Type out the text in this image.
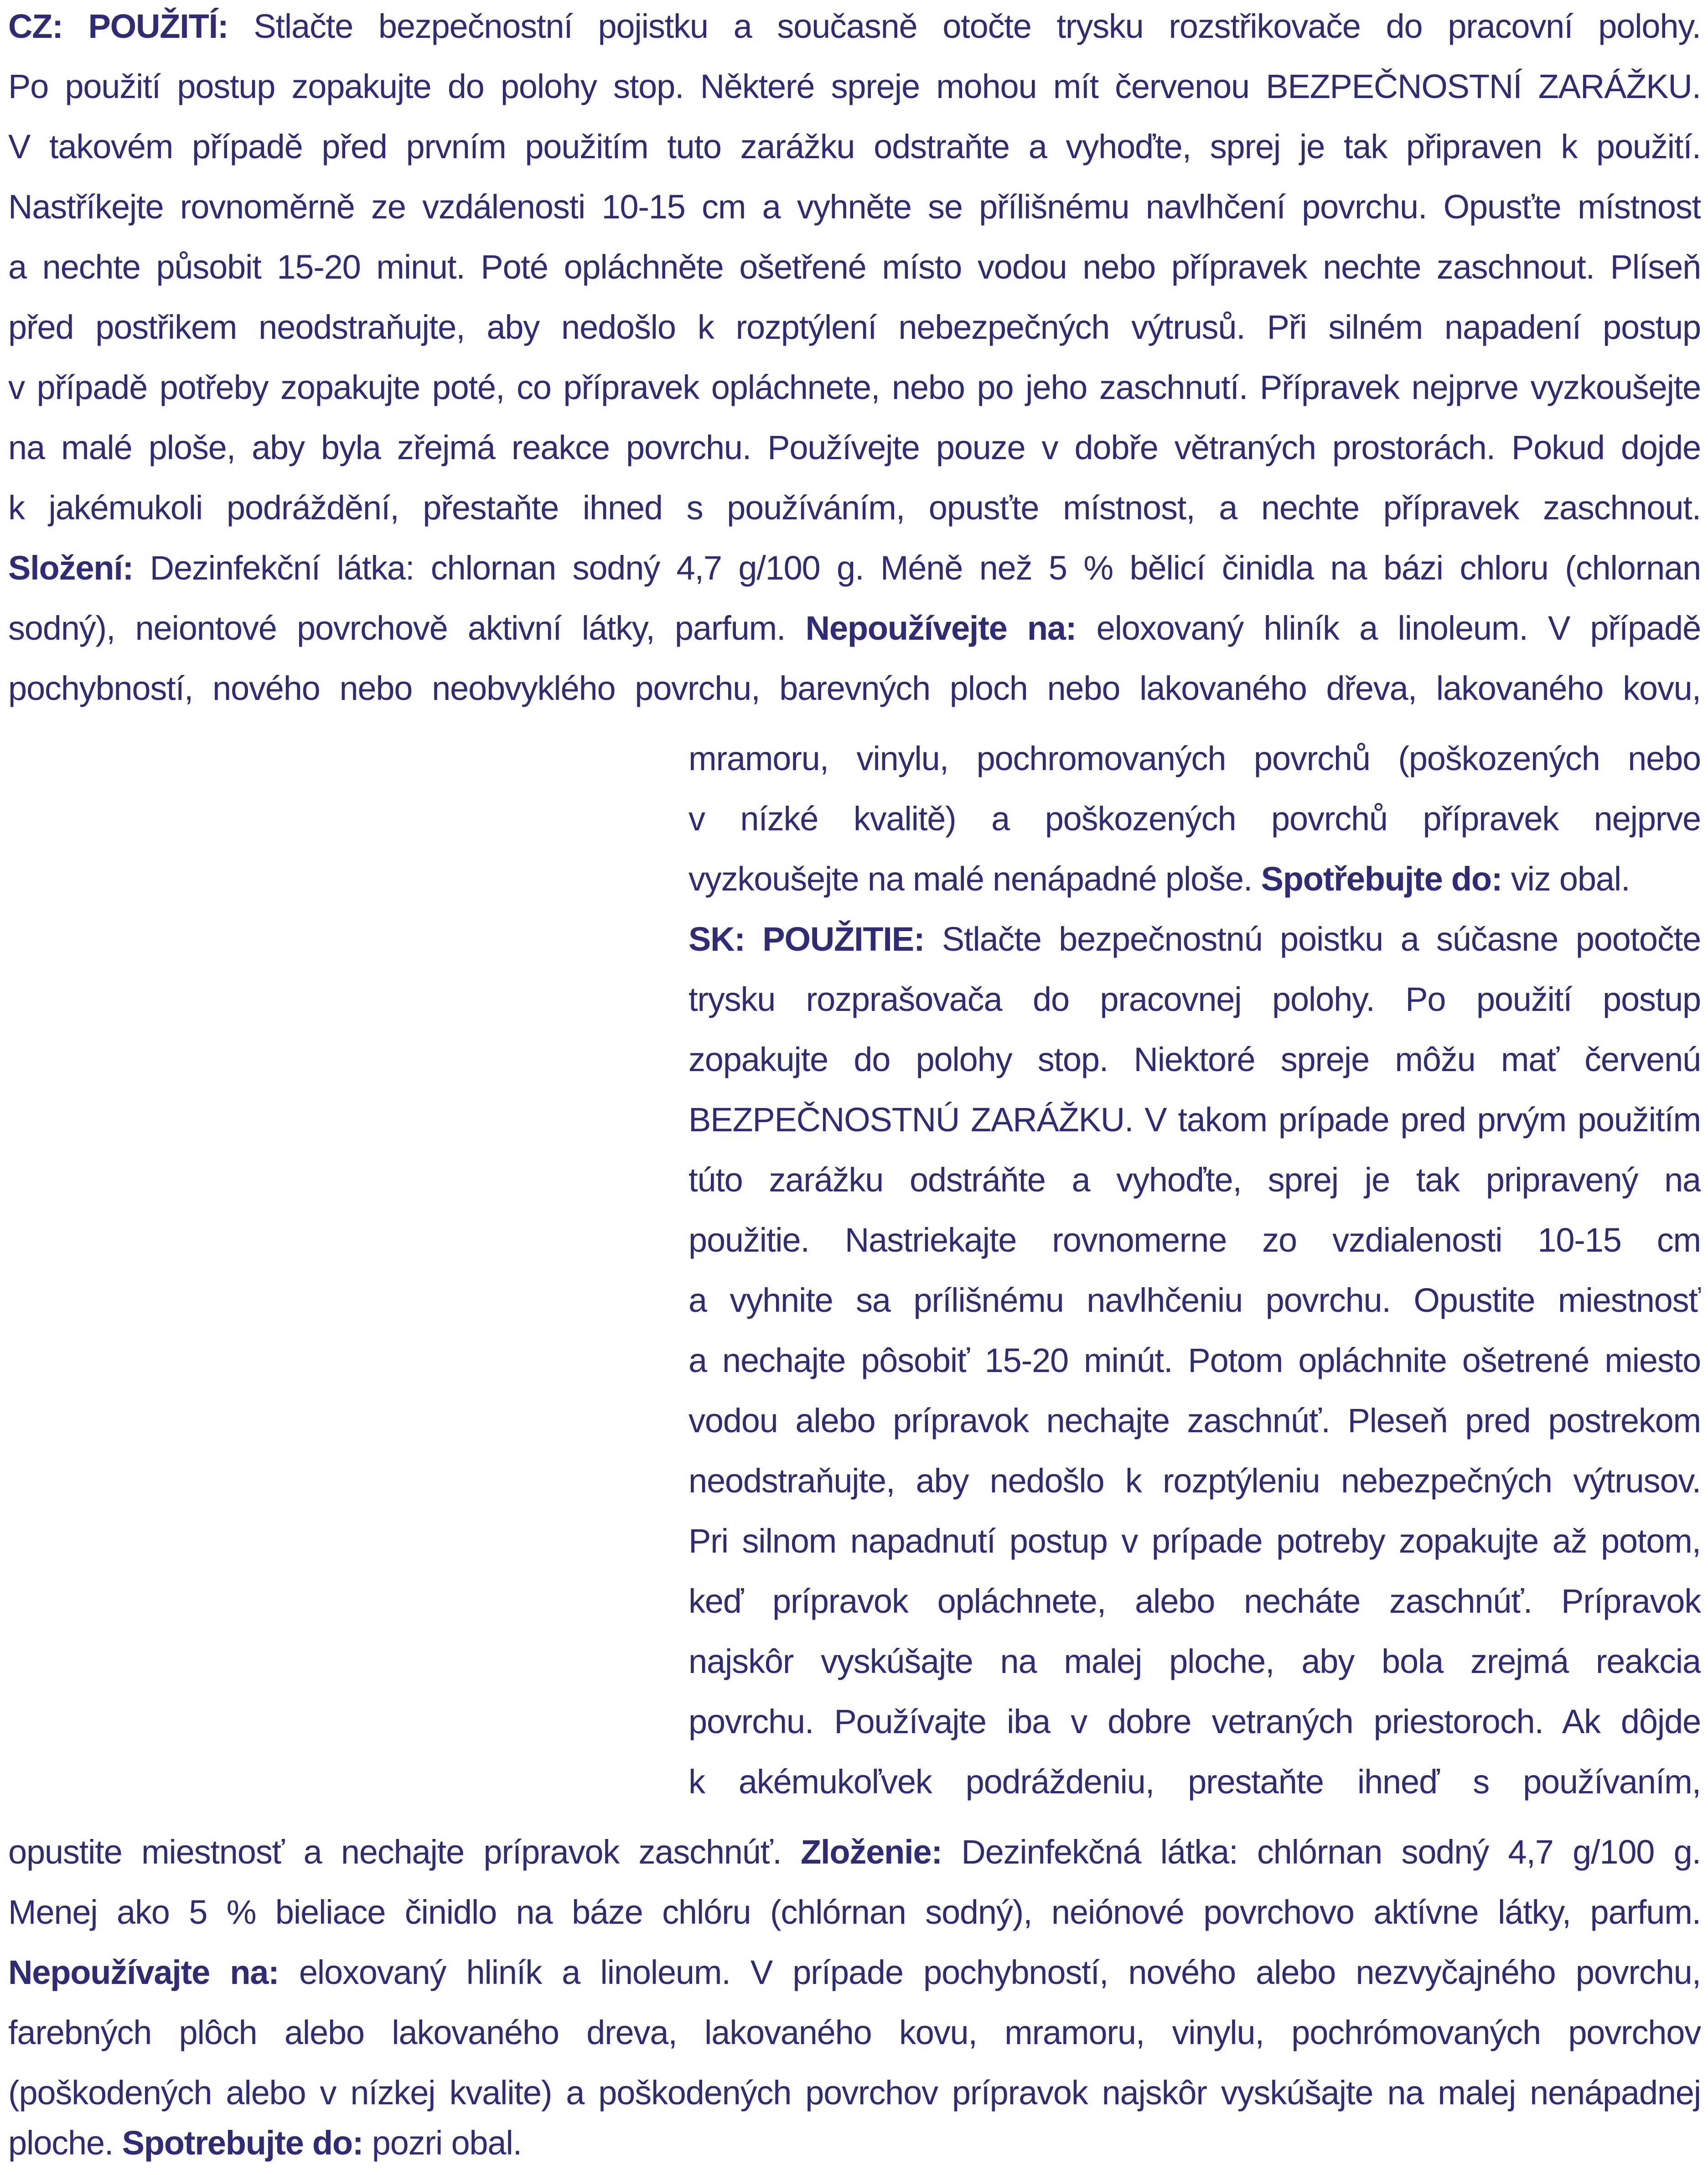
CZ: POUŽITÍ: Stlačte bezpečnostní pojistku a současně otočte trysku rozstřikovače do pracovní polohy.
Po použití postup zopakujte do polohy stop. Některé spreje mohou mít červenou BEZPEČNOSTNÍ ZARÁŽKU.
V takovém případě před prvním použitím tuto zarážku odstraňte a vyhoďte, sprej je tak připraven k použití.
Nastříkejte rovnoměrně ze vzdálenosti 10-15 cm a vyhněte se přílišnému navlhčení povrchu. Opusťte místnost
a nechte působit 15-20 minut. Poté opláchněte ošetřené místo vodou nebo přípravek nechte zaschnout. Plíseň
před postřikem neodstraňujte, aby nedošlo k rozptýlení nebezpečných výtrusů. Při silném napadení postup
v případě potřeby zopakujte poté, co přípravek opláchnete, nebo po jeho zaschnutí. Přípravek nejprve vyzkoušejte
na malé ploše, aby byla zřejmá reakce povrchu. Používejte pouze v dobře větraných prostorách. Pokud dojde
k jakémukoli podráždění, přestaňte ihned s používáním, opusťte místnost, a nechte přípravek zaschnout.
Složení: Dezinfekční látka: chlornan sodný 4,7 g/100 g. Méně než 5 % bělicí činidla na bázi chloru (chlornan
sodný), neiontové povrchově aktivní látky, parfum. Nepoužívejte na: eloxovaný hliník a linoleum. V případě
pochybností, nového nebo neobvyklého povrchu, barevných ploch nebo lakovaného dřeva, lakovaného kovu,
mramoru, vinylu, pochromovaných povrchů (poškozených nebo
v nízké kvalitě) a poškozených povrchů přípravek nejprve
vyzkoušejte na malé nenápadné ploše. Spotřebujte do: viz obal.
SK: POUŽITIE: Stlačte bezpečnostnú poistku a súčasne pootočte
trysku rozprašovača do pracovnej polohy. Po použití postup
zopakujte do polohy stop. Niektoré spreje môžu mať červenú
BEZPEČNOSTNÚ ZARÁŽKU. V takom prípade pred prvým použitím
túto zarážku odstráňte a vyhoďte, sprej je tak pripravený na
použitie. Nastriekajte rovnomerne zo vzdialenosti 10-15 cm
a vyhnite sa prílišnému navlhčeniu povrchu. Opustite miestnosť
a nechajte pôsobiť 15-20 minút. Potom opláchnite ošetrené miesto
vodou alebo prípravok nechajte zaschnúť. Pleseň pred postrekom
neodstraňujte, aby nedošlo k rozptýleniu nebezpečných výtrusov.
Pri silnom napadnutí postup v prípade potreby zopakujte až potom,
keď prípravok opláchnete, alebo necháte zaschnúť. Prípravok
najskôr vyskúšajte na malej ploche, aby bola zrejmá reakcia
povrchu. Používajte iba v dobre vetraných priestoroch. Ak dôjde
k akémukoľvek podráždeniu, prestaňte ihneď s používaním,
opustite miestnosť a nechajte prípravok zaschnúť. Zloženie: Dezinfekčná látka: chlórnan sodný 4,7 g/100 g.
Menej ako 5 % bieliace činidlo na báze chlóru (chlórnan sodný), neiónové povrchovo aktívne látky, parfum.
Nepoužívajte na: eloxovaný hliník a linoleum. V prípade pochybností, nového alebo nezvyčajného povrchu,
farebných plôch alebo lakovaného dreva, lakovaného kovu, mramoru, vinylu, pochrómovaných povrchov
(poškodených alebo v nízkej kvalite) a poškodených povrchov prípravok najskôr vyskúšajte na malej nenápadnej
ploche. Spotrebujte do: pozri obal.
